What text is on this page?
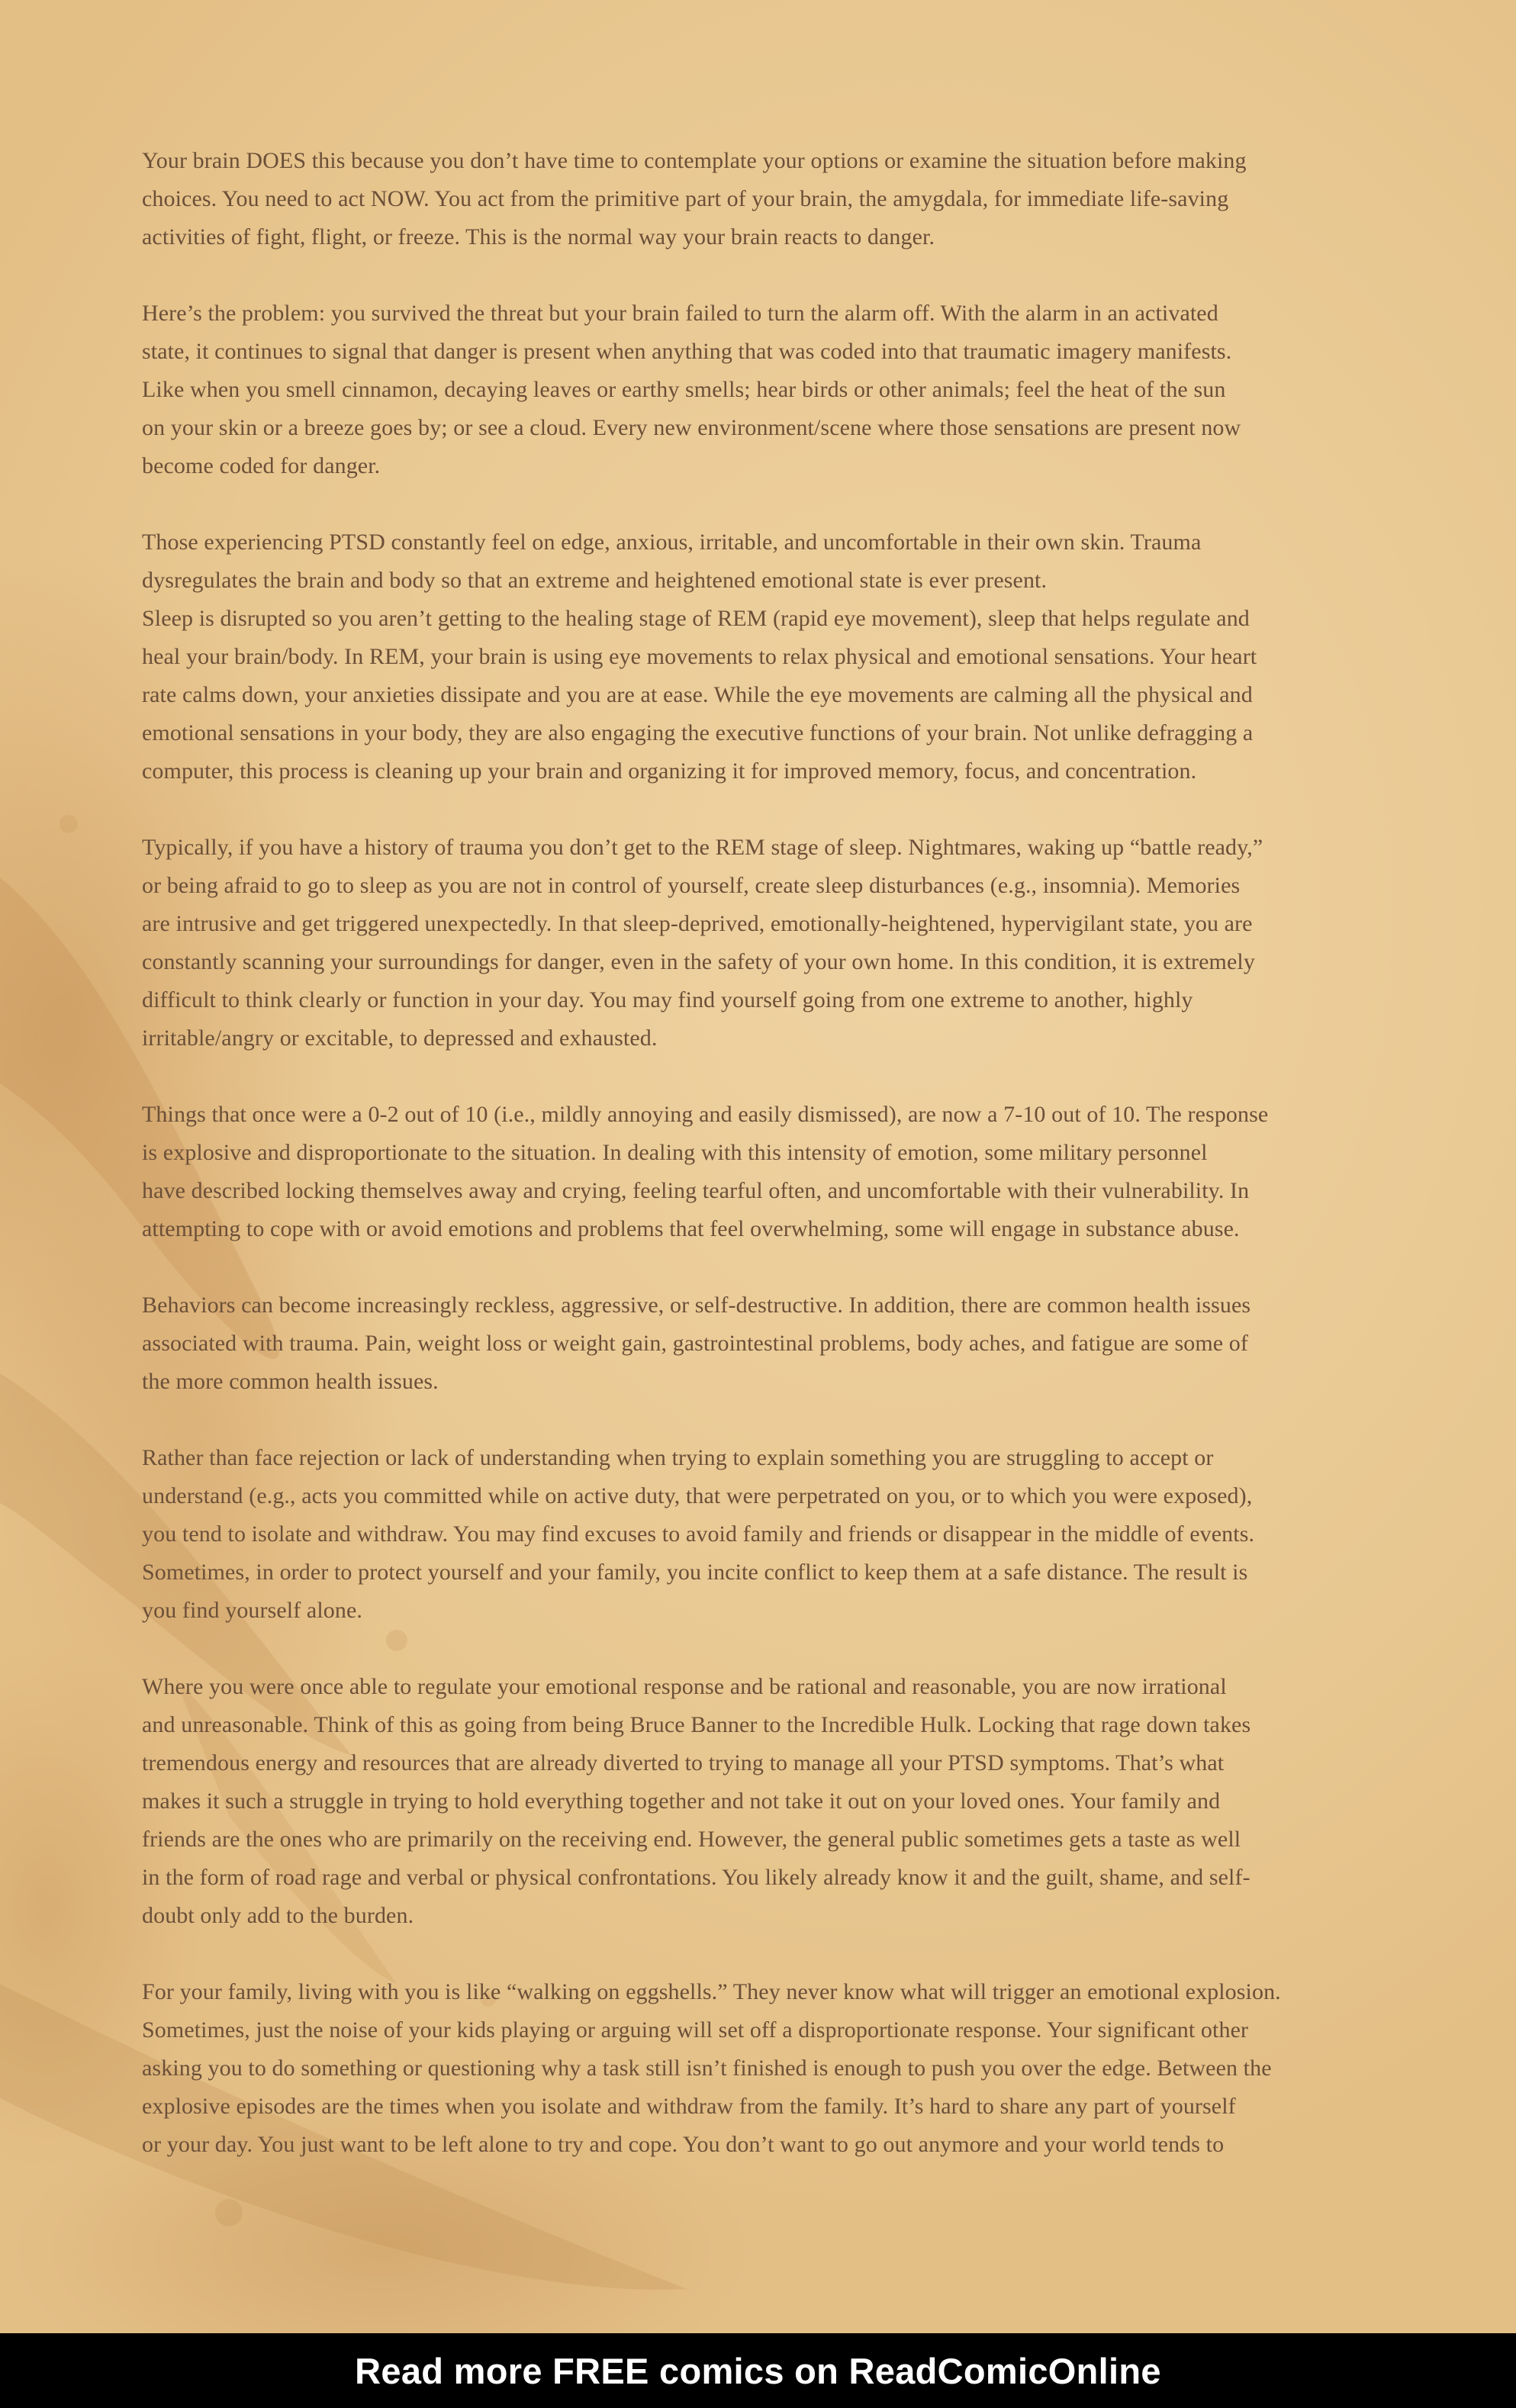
Your brain DOES this because you don’t have time to contemplate your options or examine the situation before making
choices. You need to act NOW. You act from the primitive part of your brain, the amygdala, for immediate life-saving
activities of fight, flight, or freeze. This is the normal way your brain reacts to danger.

Here’s the problem: you survived the threat but your brain failed to turn the alarm off. With the alarm in an activated
state, it continues to signal that danger is present when anything that was coded into that traumatic imagery manifests.
Like when you smell cinnamon, decaying leaves or earthy smells; hear birds or other animals; feel the heat of the sun
on your skin or a breeze goes by; or see a cloud. Every new environment/scene where those sensations are present now
become coded for danger.

Those experiencing PTSD constantly feel on edge, anxious, irritable, and uncomfortable in their own skin. Trauma
dysregulates the brain and body so that an extreme and heightened emotional state is ever present.
Sleep is disrupted so you aren’t getting to the healing stage of REM (rapid eye movement), sleep that helps regulate and
heal your brain/body. In REM, your brain is using eye movements to relax physical and emotional sensations. Your heart
rate calms down, your anxieties dissipate and you are at ease. While the eye movements are calming all the physical and
emotional sensations in your body, they are also engaging the executive functions of your brain. Not unlike defragging a
computer, this process is cleaning up your brain and organizing it for improved memory, focus, and concentration.

Typically, if you have a history of trauma you don’t get to the REM stage of sleep. Nightmares, waking up “battle ready,”
or being afraid to go to sleep as you are not in control of yourself, create sleep disturbances (e.g., insomnia). Memories
are intrusive and get triggered unexpectedly. In that sleep-deprived, emotionally-heightened, hypervigilant state, you are
constantly scanning your surroundings for danger, even in the safety of your own home. In this condition, it is extremely
difficult to think clearly or function in your day. You may find yourself going from one extreme to another, highly
irritable/angry or excitable, to depressed and exhausted.

Things that once were a 0-2 out of 10 (i.e., mildly annoying and easily dismissed), are now a 7-10 out of 10. The response
is explosive and disproportionate to the situation. In dealing with this intensity of emotion, some military personnel
have described locking themselves away and crying, feeling tearful often, and uncomfortable with their vulnerability. In
attempting to cope with or avoid emotions and problems that feel overwhelming, some will engage in substance abuse.

Behaviors can become increasingly reckless, aggressive, or self-destructive. In addition, there are common health issues
associated with trauma. Pain, weight loss or weight gain, gastrointestinal problems, body aches, and fatigue are some of
the more common health issues.

Rather than face rejection or lack of understanding when trying to explain something you are struggling to accept or
understand (e.g., acts you committed while on active duty, that were perpetrated on you, or to which you were exposed),
you tend to isolate and withdraw. You may find excuses to avoid family and friends or disappear in the middle of events.
Sometimes, in order to protect yourself and your family, you incite conflict to keep them at a safe distance. The result is
you find yourself alone.

Where you were once able to regulate your emotional response and be rational and reasonable, you are now irrational
and unreasonable. Think of this as going from being Bruce Banner to the Incredible Hulk. Locking that rage down takes
tremendous energy and resources that are already diverted to trying to manage all your PTSD symptoms. That’s what
makes it such a struggle in trying to hold everything together and not take it out on your loved ones. Your family and
friends are the ones who are primarily on the receiving end. However, the general public sometimes gets a taste as well
in the form of road rage and verbal or physical confrontations. You likely already know it and the guilt, shame, and self-
doubt only add to the burden.

For your family, living with you is like “walking on eggshells.” They never know what will trigger an emotional explosion.
Sometimes, just the noise of your kids playing or arguing will set off a disproportionate response. Your significant other
asking you to do something or questioning why a task still isn’t finished is enough to push you over the edge. Between the
explosive episodes are the times when you isolate and withdraw from the family. It’s hard to share any part of yourself
or your day. You just want to be left alone to try and cope. You don’t want to go out anymore and your world tends to

Read more FREE comics on ReadComicOnline
